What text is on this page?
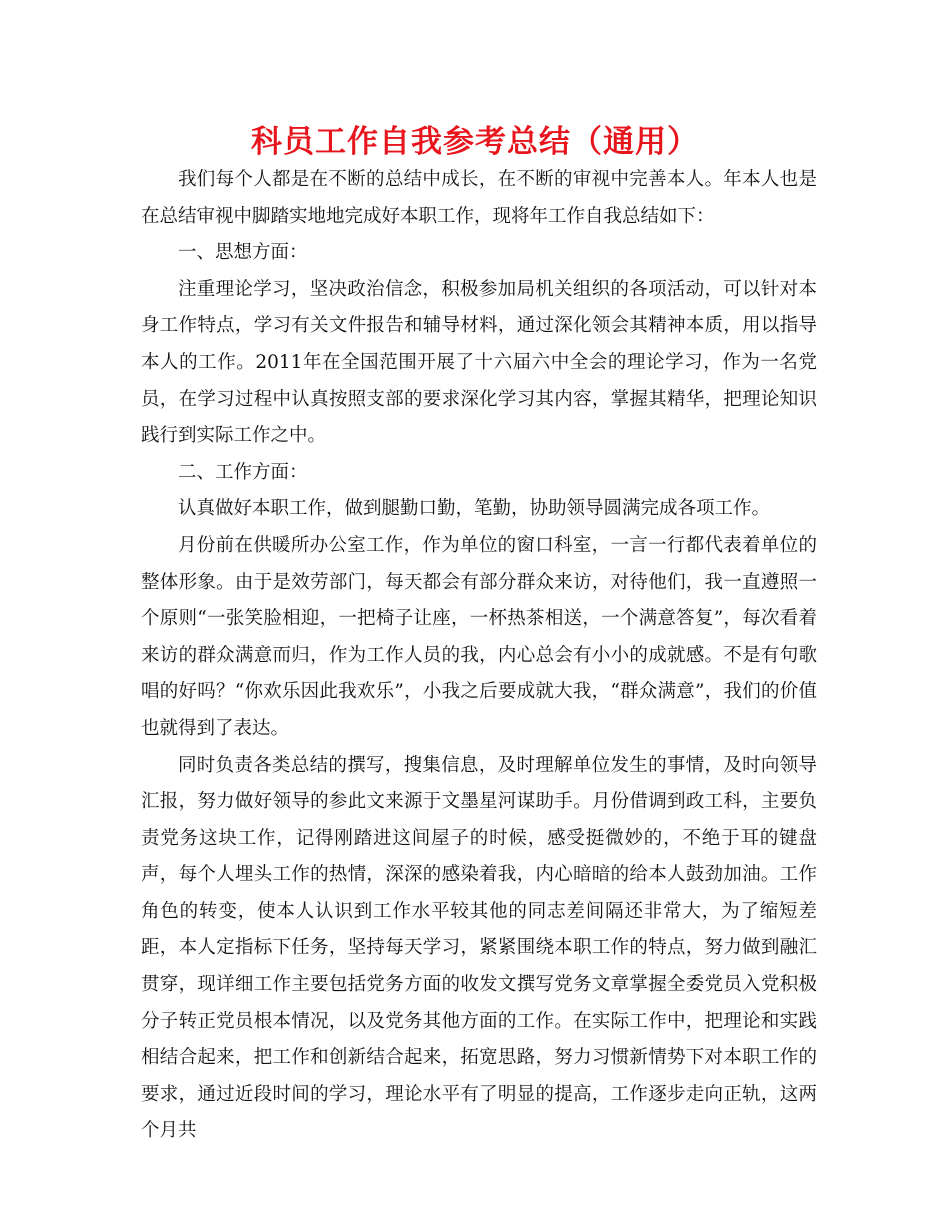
科员工作自我参考总结（通用）

我们每个人都是在不断的总结中成长，在不断的审视中完善本人。年本人也是在总结审视中脚踏实地地完成好本职工作，现将年工作自我总结如下：

一、思想方面：

注重理论学习，坚决政治信念，积极参加局机关组织的各项活动，可以针对本身工作特点，学习有关文件报告和辅导材料，通过深化领会其精神本质，用以指导本人的工作。2011年在全国范围开展了十六届六中全会的理论学习，作为一名党员，在学习过程中认真按照支部的要求深化学习其内容，掌握其精华，把理论知识践行到实际工作之中。

二、工作方面：

认真做好本职工作，做到腿勤口勤，笔勤，协助领导圆满完成各项工作。

月份前在供暖所办公室工作，作为单位的窗口科室，一言一行都代表着单位的整体形象。由于是效劳部门，每天都会有部分群众来访，对待他们，我一直遵照一个原则“一张笑脸相迎，一把椅子让座，一杯热茶相送，一个满意答复”，每次看着来访的群众满意而归，作为工作人员的我，内心总会有小小的成就感。不是有句歌唱的好吗？“你欢乐因此我欢乐”，小我之后要成就大我，“群众满意”，我们的价值也就得到了表达。

同时负责各类总结的撰写，搜集信息，及时理解单位发生的事情，及时向领导汇报，努力做好领导的参此文来源于文墨星河谋助手。月份借调到政工科，主要负责党务这块工作，记得刚踏进这间屋子的时候，感受挺微妙的，不绝于耳的键盘声，每个人埋头工作的热情，深深的感染着我，内心暗暗的给本人鼓劲加油。工作角色的转变，使本人认识到工作水平较其他的同志差间隔还非常大，为了缩短差距，本人定指标下任务，坚持每天学习，紧紧围绕本职工作的特点，努力做到融汇贯穿，现详细工作主要包括党务方面的收发文撰写党务文章掌握全委党员入党积极分子转正党员根本情况，以及党务其他方面的工作。在实际工作中，把理论和实践相结合起来，把工作和创新结合起来，拓宽思路，努力习惯新情势下对本职工作的要求，通过近段时间的学习，理论水平有了明显的提高，工作逐步走向正轨，这两个月共
